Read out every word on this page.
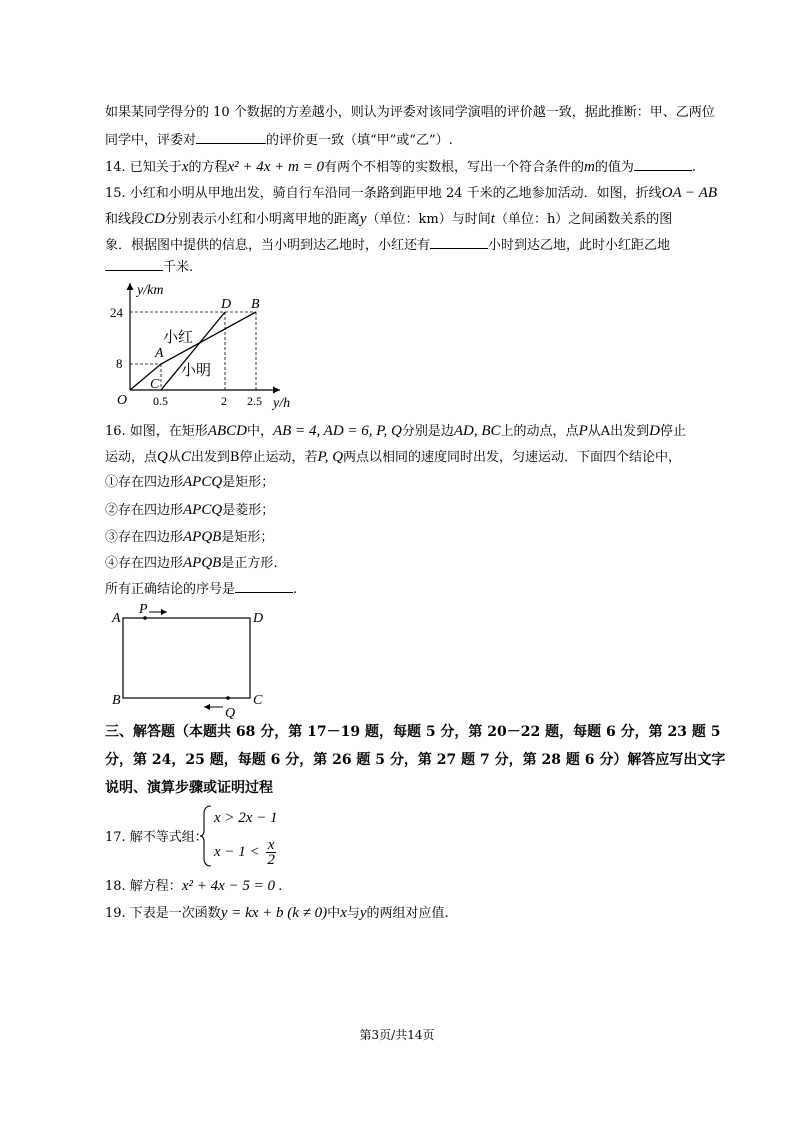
如果某同学得分的 10 个数据的方差越小，则认为评委对该同学演唱的评价越一致，据此推断：甲、乙两位
同学中，评委对	的评价更一致（填“甲”或“乙”）.
14. 已知关于x的方程x² + 4x + m = 0有两个不相等的实数根，写出一个符合条件的m的值为	.
15. 小红和小明从甲地出发，骑自行车沿同一条路到距甲地 24 千米的乙地参加活动．如图，折线OA − AB
和线段CD分别表示小红和小明离甲地的距离y（单位：km）与时间t（单位：h）之间函数关系的图
象．根据图中提供的信息，当小明到达乙地时，小红还有	小时到达乙地，此时小红距乙地
千米.
y/km
24
8
O 0.5	2 2.5 y/h
D B
A
C
小红
小明
16. 如图，在矩形ABCD中，AB = 4, AD = 6, P, Q分别是边AD, BC上的动点，点P从A出发到D停止
运动，点Q从C出发到B停止运动，若P, Q两点以相同的速度同时出发，匀速运动．下面四个结论中，
①存在四边形APCQ是矩形；
②存在四边形APCQ是菱形；
③存在四边形APQB是矩形；
④存在四边形APQB是正方形.
所有正确结论的序号是	.
A	D
B	C
P
Q
三、解答题（本题共 68 分，第 17－19 题，每题 5 分，第 20－22 题，每题 6 分，第 23 题 5
分，第 24，25 题，每题 6 分，第 26 题 5 分，第 27 题 7 分，第 28 题 6 分）解答应写出文字
说明、演算步骤或证明过程
17. 解不等式组：
x > 2x − 1
$x - 1 < \frac{x}{2}$
18. 解方程：x² + 4x − 5 = 0 .
19. 下表是一次函数y = kx + b (k ≠ 0)中x与y的两组对应值.
第3页/共14页
